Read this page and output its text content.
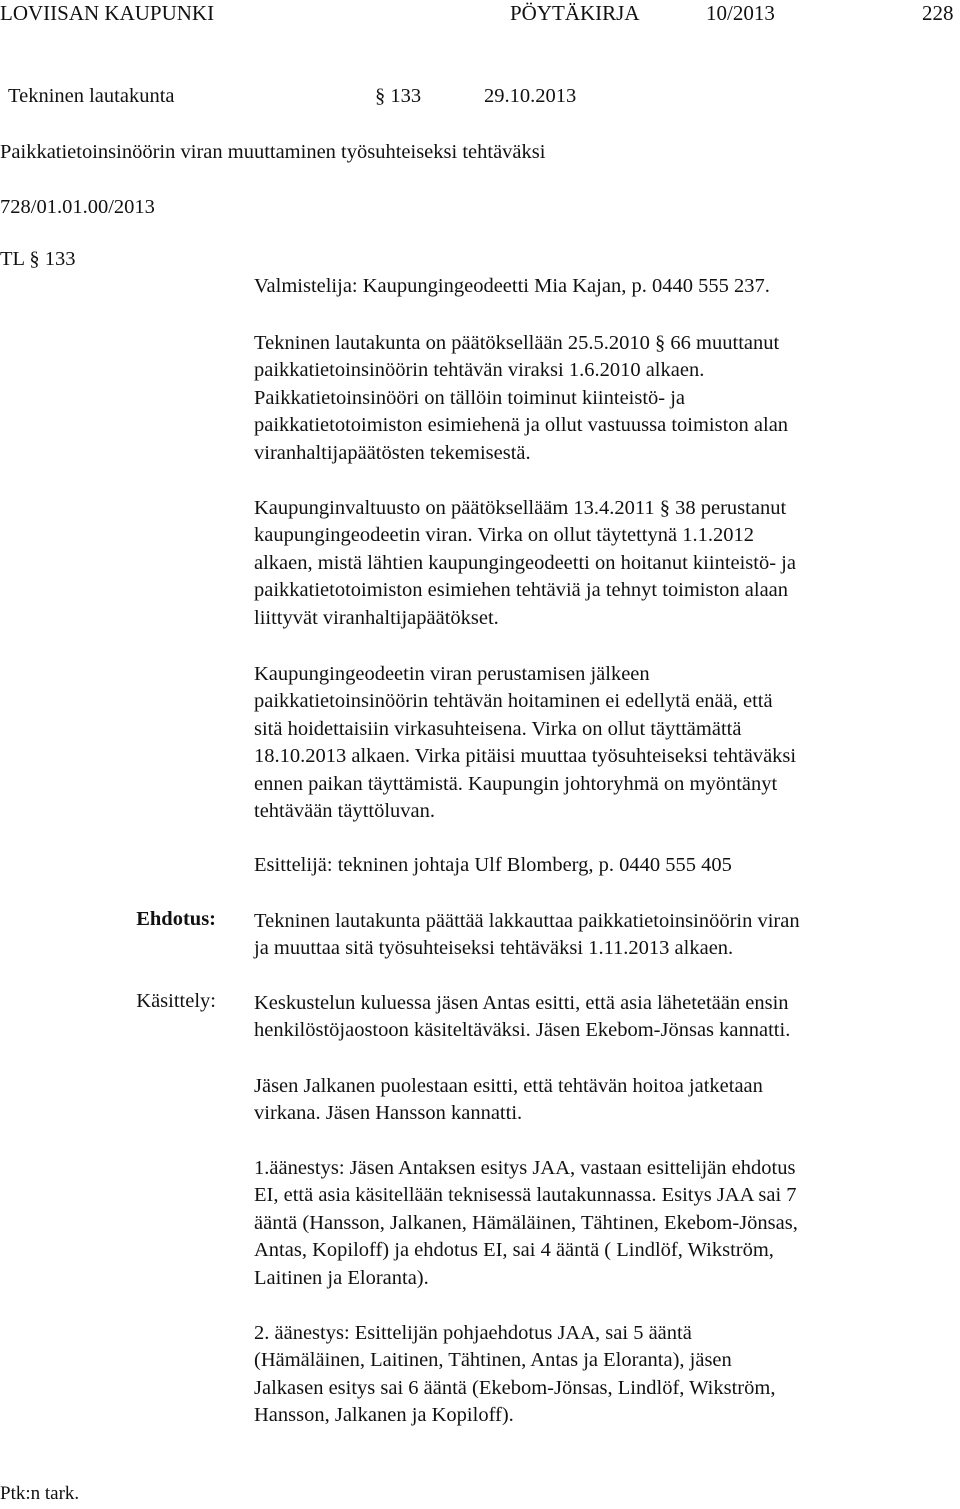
LOVIISAN KAUPUNKI	PÖYTÄKIRJA	10/2013	228
Tekninen lautakunta	§ 133	29.10.2013
Paikkatietoinsinöörin viran muuttaminen työsuhteiseksi tehtäväksi
728/01.01.00/2013
TL § 133
Valmistelija: Kaupungingeodeetti Mia Kajan, p. 0440 555 237.
Tekninen lautakunta on päätöksellään 25.5.2010 § 66 muuttanut
paikkatietoinsinöörin tehtävän viraksi 1.6.2010 alkaen.
Paikkatietoinsinööri on tällöin toiminut kiinteistö- ja
paikkatietotoimiston esimiehenä ja ollut vastuussa toimiston alan
viranhaltijapäätösten tekemisestä.
Kaupunginvaltuusto on päätöksellääm 13.4.2011 § 38 perustanut
kaupungingeodeetin viran. Virka on ollut täytettynä 1.1.2012
alkaen, mistä lähtien kaupungingeodeetti on hoitanut kiinteistö- ja
paikkatietotoimiston esimiehen tehtäviä ja tehnyt toimiston alaan
liittyvät viranhaltijapäätökset.
Kaupungingeodeetin viran perustamisen jälkeen
paikkatietoinsinöörin tehtävän hoitaminen ei edellytä enää, että
sitä hoidettaisiin virkasuhteisena. Virka on ollut täyttämättä
18.10.2013 alkaen. Virka pitäisi muuttaa työsuhteiseksi tehtäväksi
ennen paikan täyttämistä. Kaupungin johtoryhmä on myöntänyt
tehtävään täyttöluvan.
Esittelijä: tekninen johtaja Ulf Blomberg, p. 0440 555 405
Ehdotus: Tekninen lautakunta päättää lakkauttaa paikkatietoinsinöörin viran
ja muuttaa sitä työsuhteiseksi tehtäväksi 1.11.2013 alkaen.
Käsittely: Keskustelun kuluessa jäsen Antas esitti, että asia lähetetään ensin
henkilöstöjaostoon käsiteltäväksi. Jäsen Ekebom-Jönsas kannatti.
Jäsen Jalkanen puolestaan esitti, että tehtävän hoitoa jatketaan
virkana. Jäsen Hansson kannatti.
1.äänestys: Jäsen Antaksen esitys JAA, vastaan esittelijän ehdotus
EI, että asia käsitellään teknisessä lautakunnassa. Esitys JAA sai 7
ääntä (Hansson, Jalkanen, Hämäläinen, Tähtinen, Ekebom-Jönsas,
Antas, Kopiloff) ja ehdotus EI, sai 4 ääntä ( Lindlöf, Wikström,
Laitinen ja Eloranta).
2. äänestys: Esittelijän pohjaehdotus JAA, sai 5 ääntä
(Hämäläinen, Laitinen, Tähtinen, Antas ja Eloranta), jäsen
Jalkasen esitys sai 6 ääntä (Ekebom-Jönsas, Lindlöf, Wikström,
Hansson, Jalkanen ja Kopiloff).
Ptk:n tark.
